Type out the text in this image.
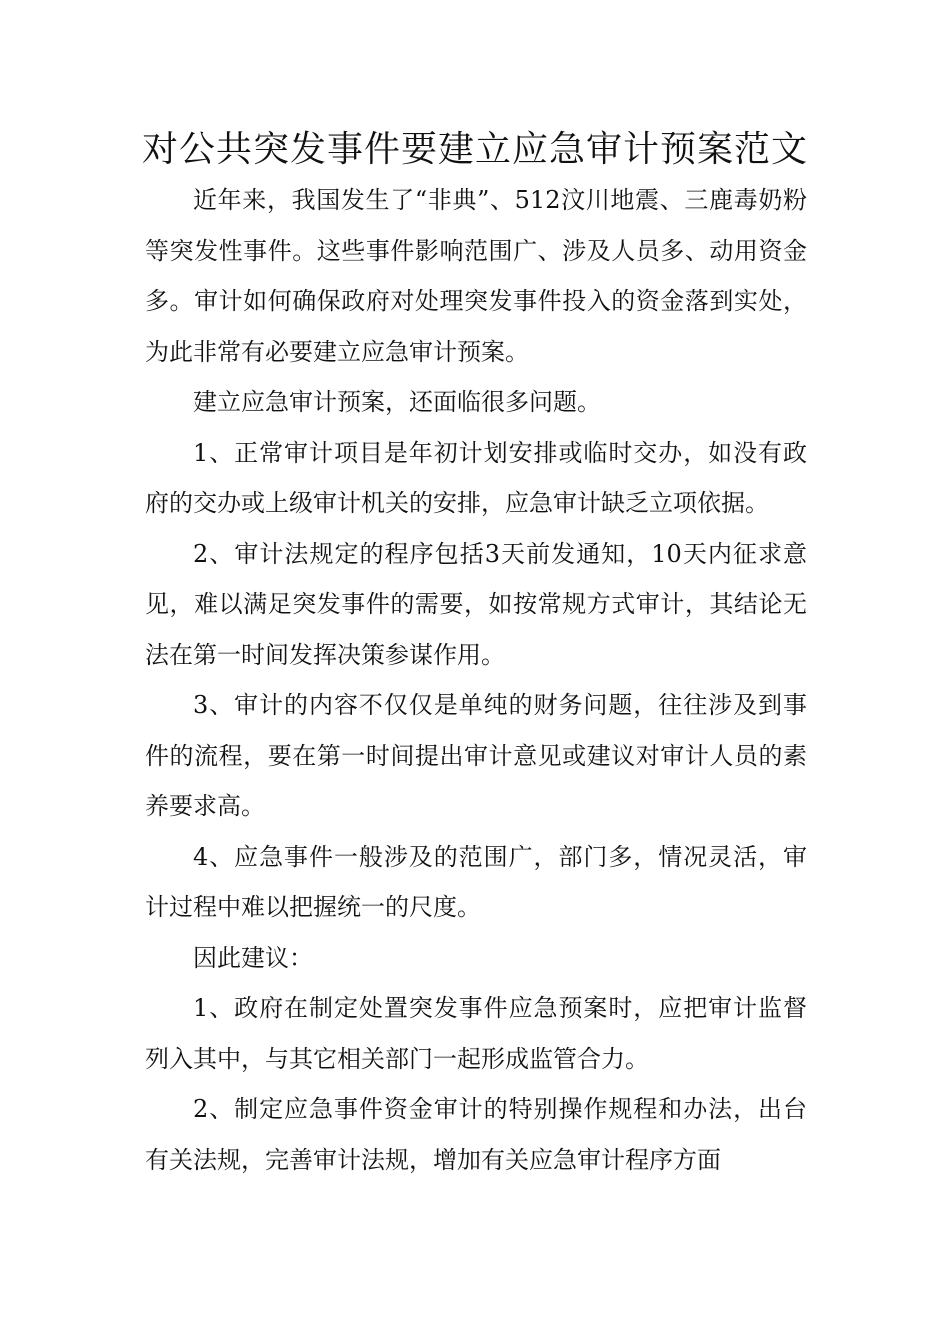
对公共突发事件要建立应急审计预案范文

近年来，我国发生了“非典”、512汶川地震、三鹿毒奶粉等突发性事件。这些事件影响范围广、涉及人员多、动用资金多。审计如何确保政府对处理突发事件投入的资金落到实处，为此非常有必要建立应急审计预案。

建立应急审计预案，还面临很多问题。

1、正常审计项目是年初计划安排或临时交办，如没有政府的交办或上级审计机关的安排，应急审计缺乏立项依据。

2、审计法规定的程序包括3天前发通知，10天内征求意见，难以满足突发事件的需要，如按常规方式审计，其结论无法在第一时间发挥决策参谋作用。

3、审计的内容不仅仅是单纯的财务问题，往往涉及到事件的流程，要在第一时间提出审计意见或建议对审计人员的素养要求高。

4、应急事件一般涉及的范围广，部门多，情况灵活，审计过程中难以把握统一的尺度。

因此建议：

1、政府在制定处置突发事件应急预案时，应把审计监督列入其中，与其它相关部门一起形成监管合力。

2、制定应急事件资金审计的特别操作规程和办法，出台有关法规，完善审计法规，增加有关应急审计程序方面
